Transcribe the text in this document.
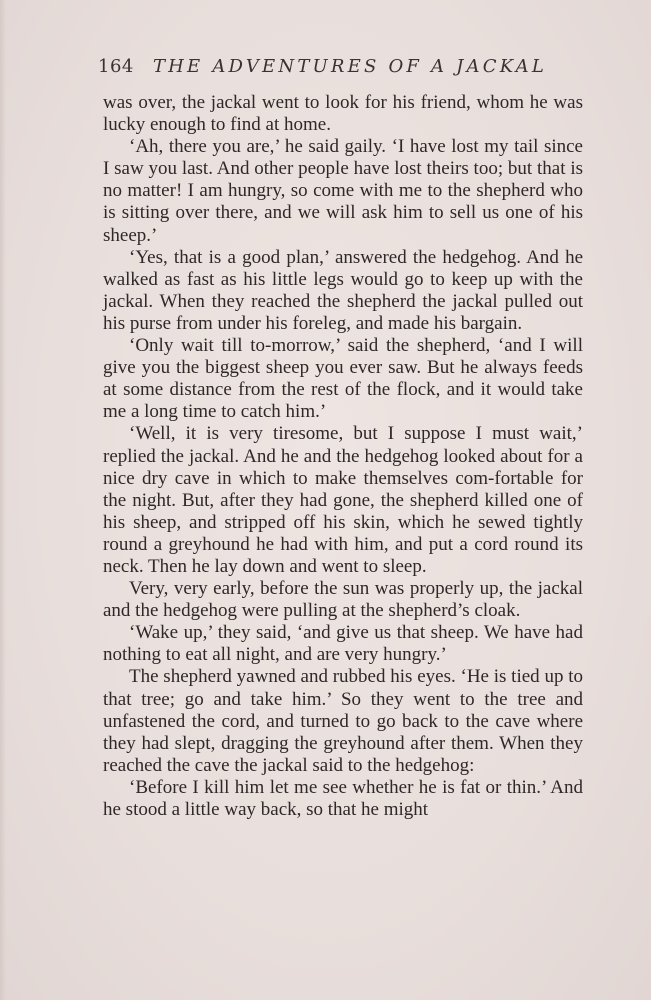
164 THE ADVENTURES OF A JACKAL

was over, the jackal went to look for his friend, whom he was lucky enough to find at home.

‘Ah, there you are,’ he said gaily. ‘I have lost my tail since I saw you last. And other people have lost theirs too; but that is no matter! I am hungry, so come with me to the shepherd who is sitting over there, and we will ask him to sell us one of his sheep.’

‘Yes, that is a good plan,’ answered the hedgehog. And he walked as fast as his little legs would go to keep up with the jackal. When they reached the shepherd the jackal pulled out his purse from under his foreleg, and made his bargain.

‘Only wait till to-morrow,’ said the shepherd, ‘and I will give you the biggest sheep you ever saw. But he always feeds at some distance from the rest of the flock, and it would take me a long time to catch him.’

‘Well, it is very tiresome, but I suppose I must wait,’ replied the jackal. And he and the hedgehog looked about for a nice dry cave in which to make themselves com-fortable for the night. But, after they had gone, the shepherd killed one of his sheep, and stripped off his skin, which he sewed tightly round a greyhound he had with him, and put a cord round its neck. Then he lay down and went to sleep.

Very, very early, before the sun was properly up, the jackal and the hedgehog were pulling at the shepherd’s cloak.

‘Wake up,’ they said, ‘and give us that sheep. We have had nothing to eat all night, and are very hungry.’

The shepherd yawned and rubbed his eyes. ‘He is tied up to that tree; go and take him.’ So they went to the tree and unfastened the cord, and turned to go back to the cave where they had slept, dragging the greyhound after them. When they reached the cave the jackal said to the hedgehog:

‘Before I kill him let me see whether he is fat or thin.’ And he stood a little way back, so that he might
